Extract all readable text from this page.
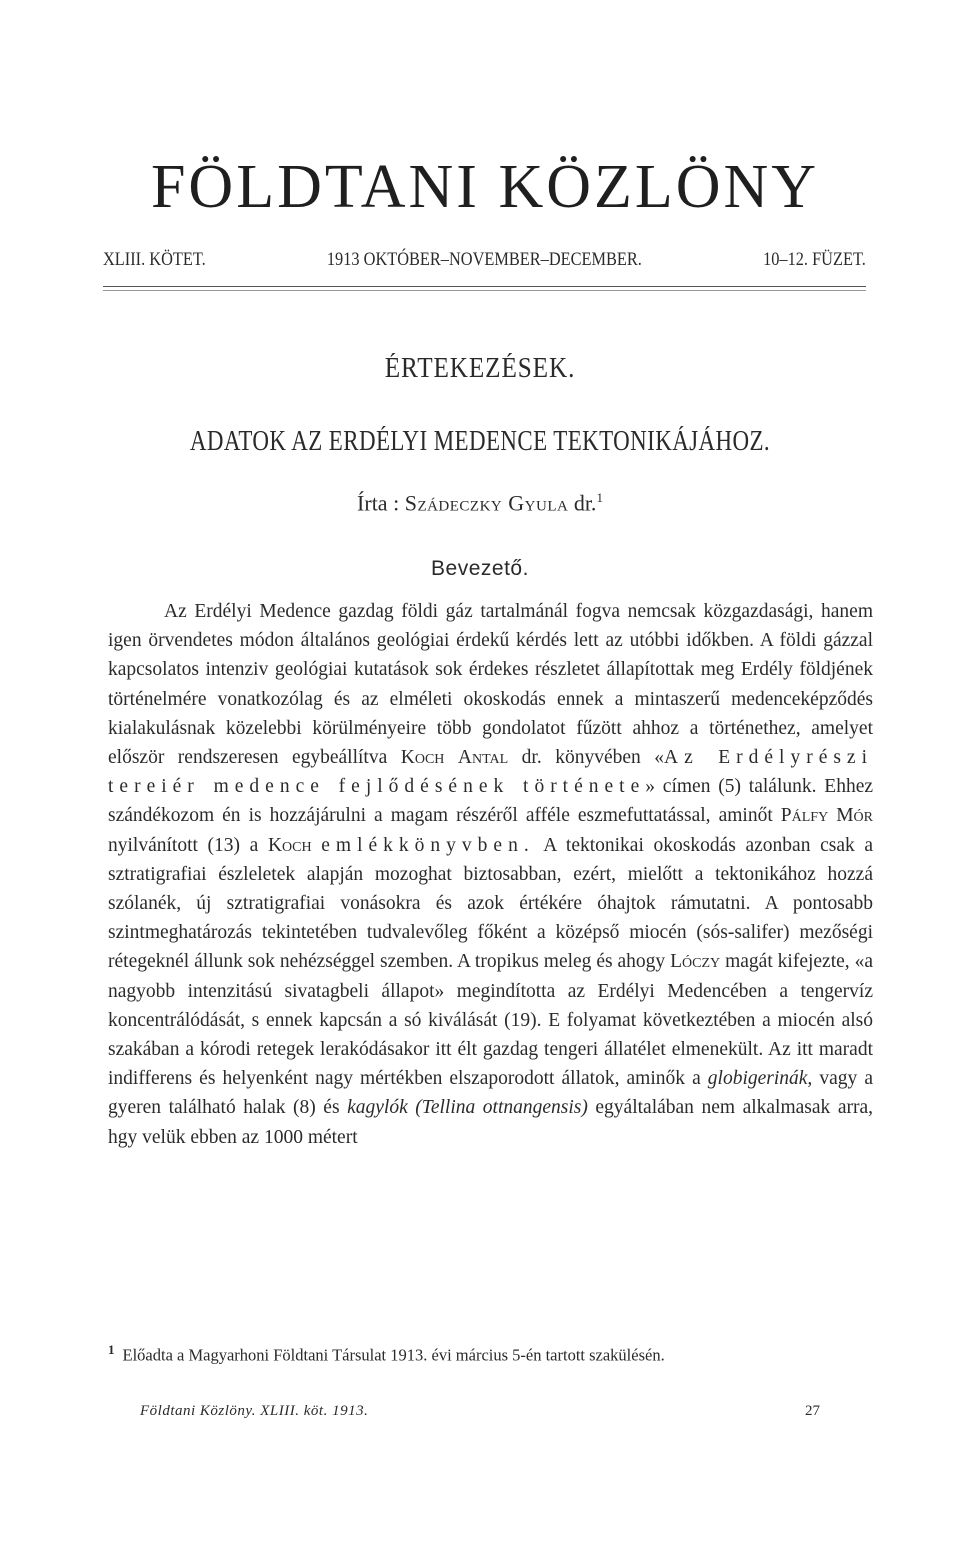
FÖLDTANI KÖZLÖNY
XLIII. KÖTET.	1913 OKTÓBER–NOVEMBER–DECEMBER.	10–12. FÜZET.
ÉRTEKEZÉSEK.
ADATOK AZ ERDÉLYI MEDENCE TEKTONIKÁJÁHOZ.
Írta : Szádeczky Gyula dr.$^1$
Bevezető.

Az Erdélyi Medence gazdag földi gáz tartalmánál fogva nemcsak közgazdasági, hanem igen örvendetes módon általános geológiai érdekű kérdés lett az utóbbi időkben. A földi gázzal kapcsolatos intenziv geológiai kutatások sok érdekes részletet állapítottak meg Erdély földjének történelmére vonatkozólag és az elméleti okoskodás ennek a mintaszerű medenceképződés kialakulásnak közelebbi körülményeire több gondolatot fűzött ahhoz a történethez, amelyet először rendszeresen egybeállítva Koch Antal dr. könyvében «Az Erdélyrészi tereiér medence fejlődésének története» címen (5) találunk. Ehhez szándékozom én is hozzájárulni a magam részéről afféle eszmefuttatással, aminőt Pálfy Mór nyilvánított (13) a Koch emlékkönyvben. A tektonikai okoskodás azonban csak a sztratigrafiai észleletek alapján mozoghat biztosabban, ezért, mielőtt a tektonikához hozzá szólanék, új sztratigrafiai vonásokra és azok értékére óhajtok rámutatni. A pontosabb szintmeghatározás tekintetében tudvalevőleg főként a középső miocén (sós-salifer) mezőségi rétegeknél állunk sok nehézséggel szemben. A tropikus meleg és ahogy Lóczy magát kifejezte, «a nagyobb intenzitású sivatagbeli állapot» megindította az Erdélyi Medencében a tengervíz koncentrálódását, s ennek kapcsán a só kiválását (19). E folyamat következtében a miocén alsó szakában a kórodi retegek lerakódásakor itt élt gazdag tengeri állatélet elmenekült. Az itt maradt indifferens és helyenként nagy mértékben elszaporodott állatok, aminők a globigerinák, vagy a gyeren található halak (8) és kagylók (Tellina ottnangensis) egyáltalában nem alkalmasak arra, hgy velük ebben az 1000 métert

$^1$ Előadta a Magyarhoni Földtani Társulat 1913. évi március 5-én tartott szakülésén.
Földtani Közlöny. XLIII. köt. 1913.	27
